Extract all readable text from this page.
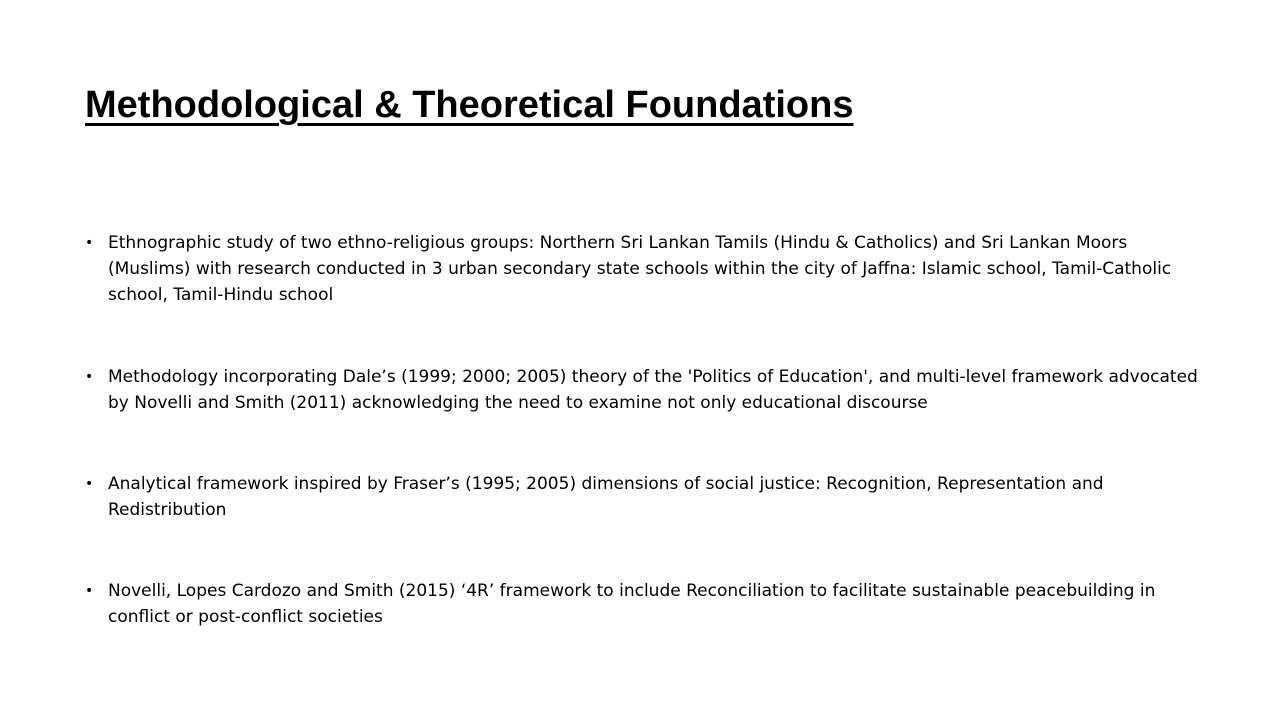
Methodological & Theoretical Foundations
• Ethnographic study of two ethno-religious groups: Northern Sri Lankan Tamils (Hindu & Catholics) and Sri Lankan Moors (Muslims) with research conducted in 3 urban secondary state schools within the city of Jaffna: Islamic school, Tamil-Catholic school, Tamil-Hindu school
• Methodology incorporating Dale’s (1999; 2000; 2005) theory of the 'Politics of Education', and multi-level framework advocated by Novelli and Smith (2011) acknowledging the need to examine not only educational discourse
• Analytical framework inspired by Fraser’s (1995; 2005) dimensions of social justice: Recognition, Representation and Redistribution
• Novelli, Lopes Cardozo and Smith (2015) ‘4R’ framework to include Reconciliation to facilitate sustainable peacebuilding in conflict or post-conflict societies
